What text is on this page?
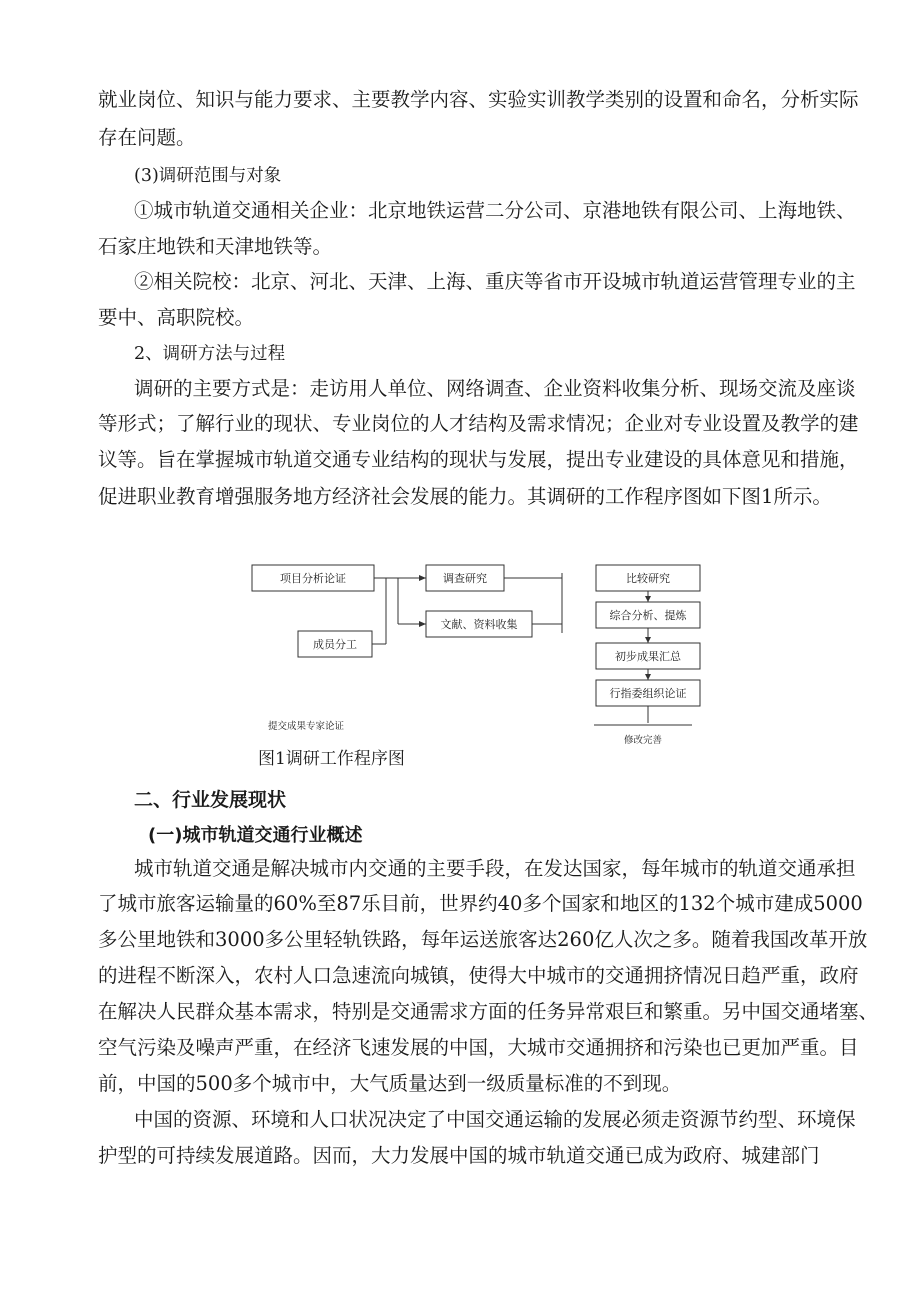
就业岗位、知识与能力要求、主要教学内容、实验实训教学类别的设置和命名，分析实际
存在问题。
(3)调研范围与对象
①城市轨道交通相关企业：北京地铁运营二分公司、京港地铁有限公司、上海地铁、
石家庄地铁和天津地铁等。
②相关院校：北京、河北、天津、上海、重庆等省市开设城市轨道运营管理专业的主
要中、高职院校。
2、调研方法与过程
调研的主要方式是：走访用人单位、网络调查、企业资料收集分析、现场交流及座谈
等形式；了解行业的现状、专业岗位的人才结构及需求情况；企业对专业设置及教学的建
议等。旨在掌握城市轨道交通专业结构的现状与发展，提出专业建设的具体意见和措施，
促进职业教育增强服务地方经济社会发展的能力。其调研的工作程序图如下图1所示。
项目分析论证
成员分工
调查研究
文献、资料收集
比较研究
综合分析、提炼
初步成果汇总
行指委组织论证
提交成果专家论证
修改完善
图1调研工作程序图
二、行业发展现状
(一)城市轨道交通行业概述
城市轨道交通是解决城市内交通的主要手段，在发达国家，每年城市的轨道交通承担
了城市旅客运输量的60%至87乐目前，世界约40多个国家和地区的132个城市建成5000
多公里地铁和3000多公里轻轨铁路，每年运送旅客达260亿人次之多。随着我国改革开放
的进程不断深入，农村人口急速流向城镇，使得大中城市的交通拥挤情况日趋严重，政府
在解决人民群众基本需求，特别是交通需求方面的任务异常艰巨和繁重。另中国交通堵塞、
空气污染及噪声严重，在经济飞速发展的中国，大城市交通拥挤和污染也已更加严重。目
前，中国的500多个城市中，大气质量达到一级质量标准的不到现。
中国的资源、环境和人口状况决定了中国交通运输的发展必须走资源节约型、环境保
护型的可持续发展道路。因而，大力发展中国的城市轨道交通已成为政府、城建部门
